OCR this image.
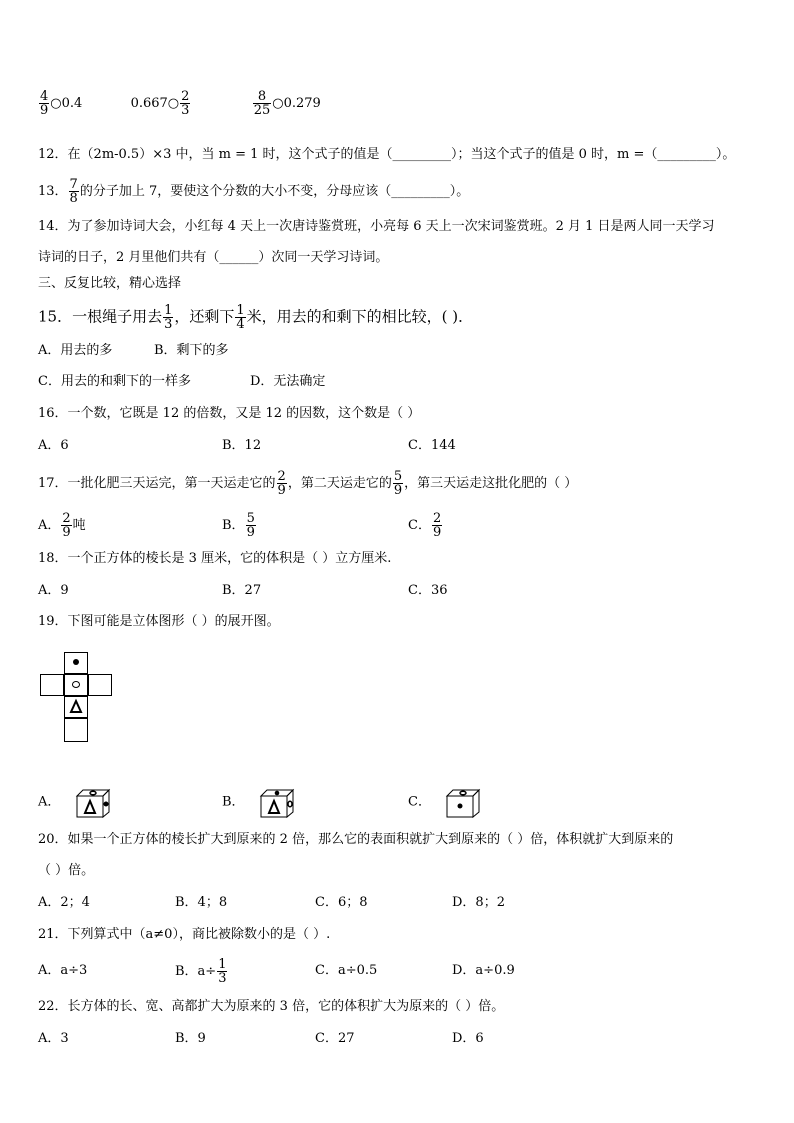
$\frac{4}{9}$ ○0.4	0.667○ $\frac{2}{3}$
	$\frac{8}{25}$ ○0.279
12．在（2m-0.5）×3 中，当 m = 1 时，这个式子的值是（_________）；当这个式子的值是 0 时，m =（_________）。
13． $\frac{7}{8}$ 的分子加上 7，要使这个分数的大小不变，分母应该（_________）。
14．为了参加诗词大会，小红每 4 天上一次唐诗鉴赏班，小亮每 6 天上一次宋词鉴赏班。2 月 1 日是两人同一天学习
诗词的日子，2 月里他们共有（______）次同一天学习诗词。
三、反复比较，精心选择
15．一根绳子用去 $\frac{1}{3}$ ，还剩下 $\frac{1}{4}$ 米，用去的和剩下的相比较，( )．
A．用去的多	B．剩下的多
C．用去的和剩下的一样多	D．无法确定
16．一个数，它既是 12 的倍数，又是 12 的因数，这个数是（ ）
A．6	B．12	C．144
17．一批化肥三天运完，第一天运走它的 $\frac{2}{9}$ ，第二天运走它的 $\frac{5}{9}$ ，第三天运走这批化肥的（ ）
A． $\frac{2}{9}$ 吨	B． $\frac{5}{9}$	C． $\frac{2}{9}$
18．一个正方体的棱长是 3 厘米，它的体积是（ ）立方厘米.
A．9	B．27	C．36
19．下图可能是立体图形（ ）的展开图。
A．	B．	C．
20．如果一个正方体的棱长扩大到原来的 2 倍，那么它的表面积就扩大到原来的（ ）倍，体积就扩大到原来的
（ ）倍。
A．2；4	B．4；8	C．6；8	D．8；2
21．下列算式中（a≠0），商比被除数小的是（ ）.
A．a÷3	B．$a\div \frac{1}{3}$	C．a÷0.5	D．a÷0.9
22．长方体的长、宽、高都扩大为原来的 3 倍，它的体积扩大为原来的（ ）倍。
A．3	B．9	C．27	D．6
